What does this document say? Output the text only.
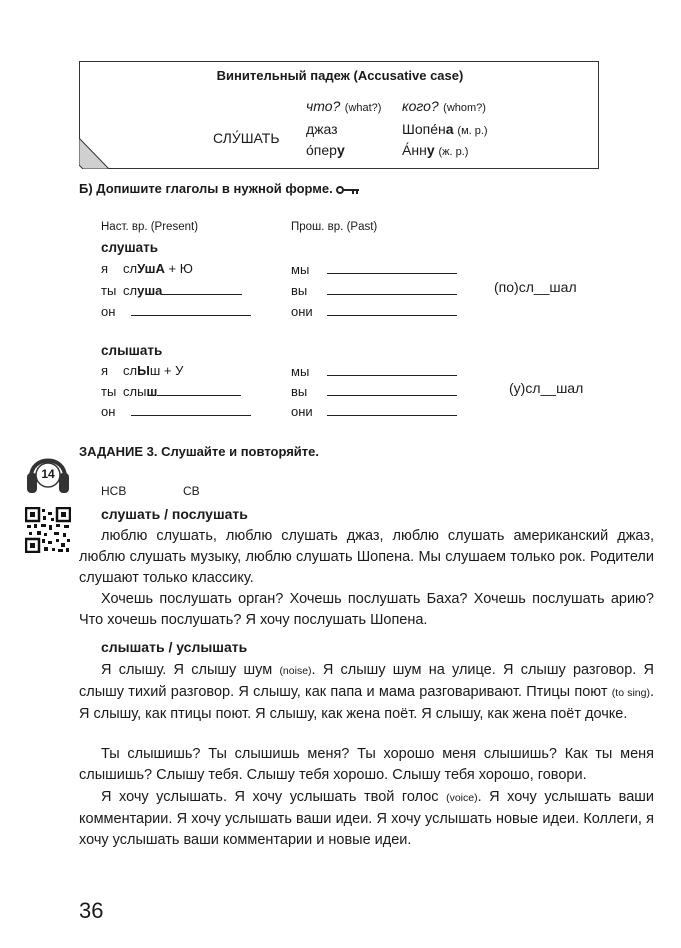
Винительный падеж (Accusative case)
что? (what?) кого? (whom?)
СЛУ́ШАТЬ
джаз
о́перу
Шопе́на (м. р.)
А́нну (ж. р.)
Б) Допишите глаголы в нужной форме.
Наст. вр. (Present)	Прош. вр. (Past)
слушать
я слУшА + Ю
ты слуша
он
мы
вы
они
(по)сл__шал
слышать
я слЫш + У
ты слыш
он
мы
вы
они
(у)сл__шал
14
ЗАДАНИЕ 3. Слушайте и повторяйте.
НСВ	СВ
слушать / послушать
люблю слушать, люблю слушать джаз, люблю слушать американский джаз, люблю слушать музыку, люблю слушать Шопена. Мы слушаем только рок. Родители слушают только классику.
Хочешь послушать орган? Хочешь послушать Баха? Хочешь послушать арию? Что хочешь послушать? Я хочу послушать Шопена.
слышать / услышать
Я слышу. Я слышу шум (noise). Я слышу шум на улице. Я слышу разговор. Я слышу тихий разговор. Я слышу, как папа и мама разговаривают. Птицы поют (to sing). Я слышу, как птицы поют. Я слышу, как жена поёт. Я слышу, как жена поёт дочке.
Ты слышишь? Ты слышишь меня? Ты хорошо меня слышишь? Как ты меня слышишь? Слышу тебя. Слышу тебя хорошо. Слышу тебя хорошо, говори.
Я хочу услышать. Я хочу услышать твой голос (voice). Я хочу услышать ваши комментарии. Я хочу услышать ваши идеи. Я хочу услышать новые идеи. Коллеги, я хочу услышать ваши комментарии и новые идеи.
36
